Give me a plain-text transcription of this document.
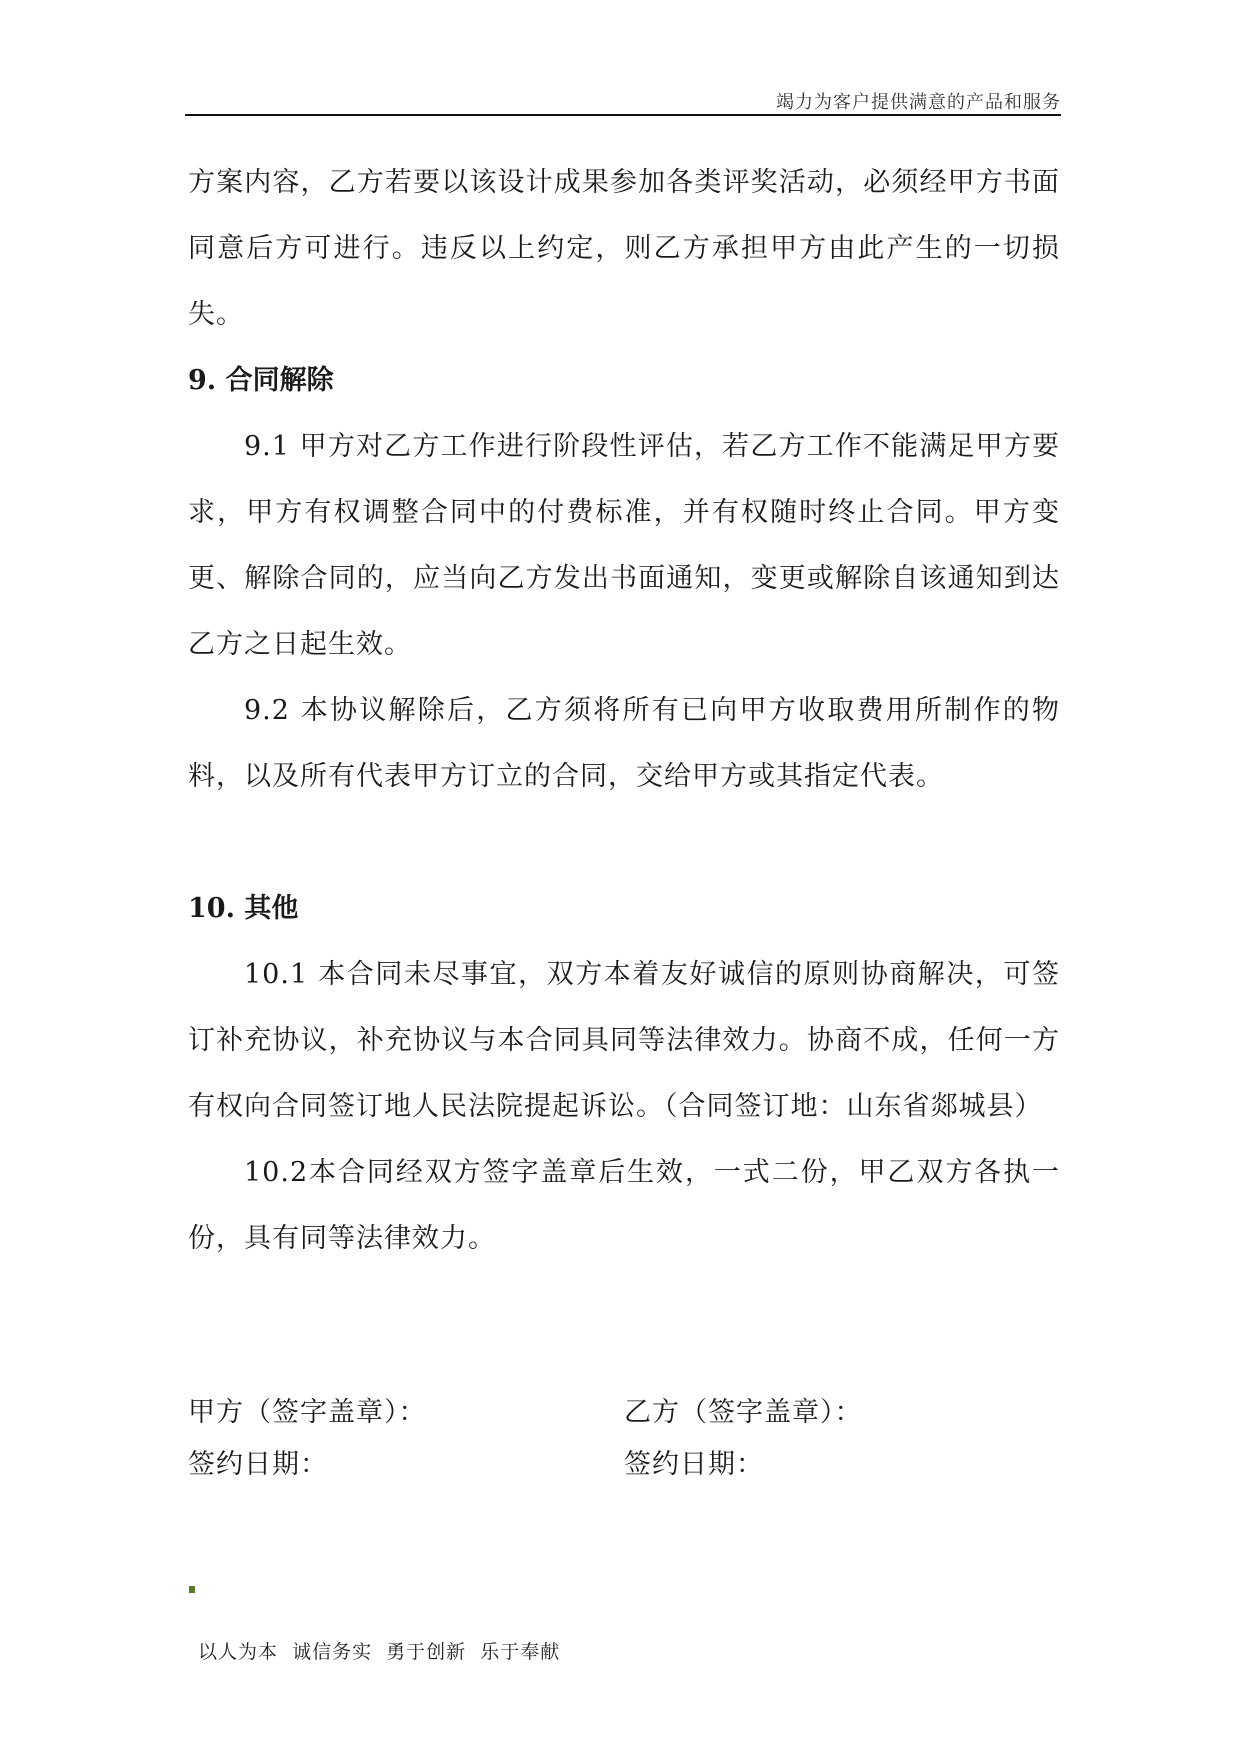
竭力为客户提供满意的产品和服务

方案内容，乙方若要以该设计成果参加各类评奖活动，必须经甲方书面同意后方可进行。违反以上约定，则乙方承担甲方由此产生的一切损失。

9. 合同解除

9.1 甲方对乙方工作进行阶段性评估，若乙方工作不能满足甲方要求，甲方有权调整合同中的付费标准，并有权随时终止合同。甲方变更、解除合同的，应当向乙方发出书面通知，变更或解除自该通知到达乙方之日起生效。

9.2 本协议解除后，乙方须将所有已向甲方收取费用所制作的物料，以及所有代表甲方订立的合同，交给甲方或其指定代表。

10. 其他

10.1 本合同未尽事宜，双方本着友好诚信的原则协商解决，可签订补充协议，补充协议与本合同具同等法律效力。协商不成，任何一方有权向合同签订地人民法院提起诉讼。（合同签订地：山东省郯城县）

10.2本合同经双方签字盖章后生效，一式二份，甲乙双方各执一份，具有同等法律效力。

甲方（签字盖章）：	乙方（签字盖章）：
签约日期：	签约日期：
以人为本  诚信务实  勇于创新  乐于奉献
